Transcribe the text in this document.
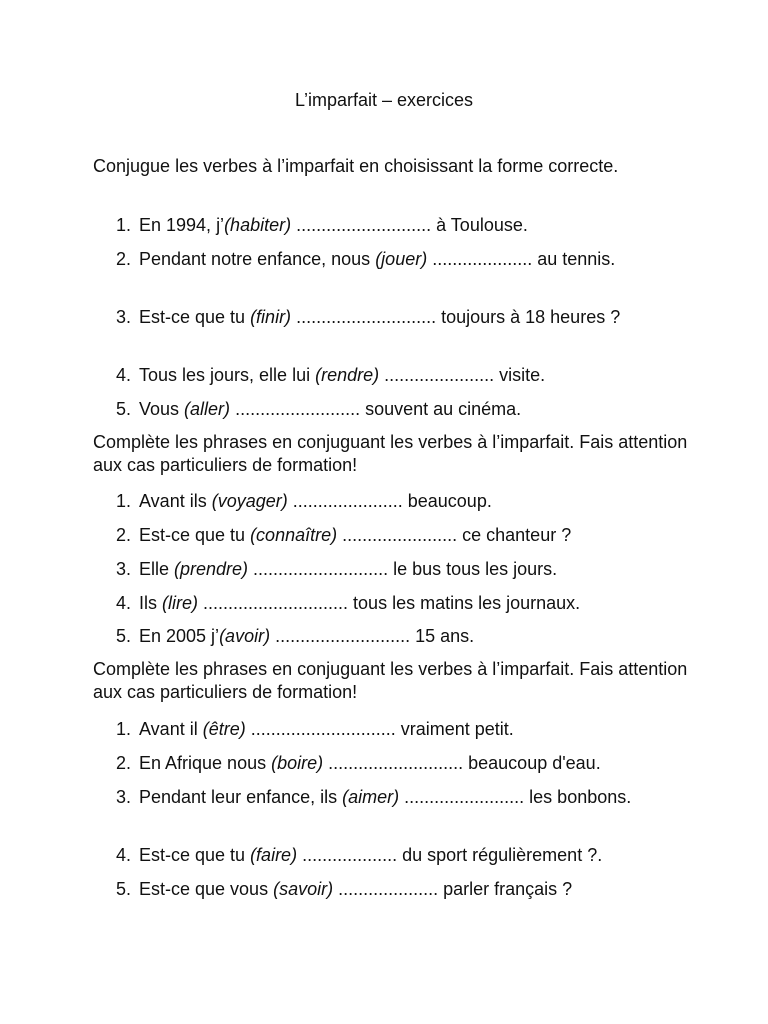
L’imparfait – exercices
Conjugue les verbes à l’imparfait en choisissant la forme correcte.
1. En 1994, j’(habiter) ........................... à Toulouse.
2. Pendant notre enfance, nous (jouer) .................... au tennis.
3. Est-ce que tu (finir) ............................ toujours à 18 heures ?
4. Tous les jours, elle lui (rendre) ...................... visite.
5. Vous (aller) ......................... souvent au cinéma.
Complète les phrases en conjuguant les verbes à l’imparfait. Fais attention aux cas particuliers de formation!
1. Avant ils (voyager) ...................... beaucoup.
2. Est-ce que tu (connaître) ....................... ce chanteur ?
3. Elle (prendre) ........................... le bus tous les jours.
4. Ils (lire) ............................. tous les matins les journaux.
5. En 2005 j’(avoir) ........................... 15 ans.
Complète les phrases en conjuguant les verbes à l’imparfait. Fais attention aux cas particuliers de formation!
1. Avant il (être) ............................. vraiment petit.
2. En Afrique nous (boire) ........................... beaucoup d'eau.
3. Pendant leur enfance, ils (aimer) ........................ les bonbons.
4. Est-ce que tu (faire) ................... du sport régulièrement ?.
5. Est-ce que vous (savoir) .................... parler français ?
